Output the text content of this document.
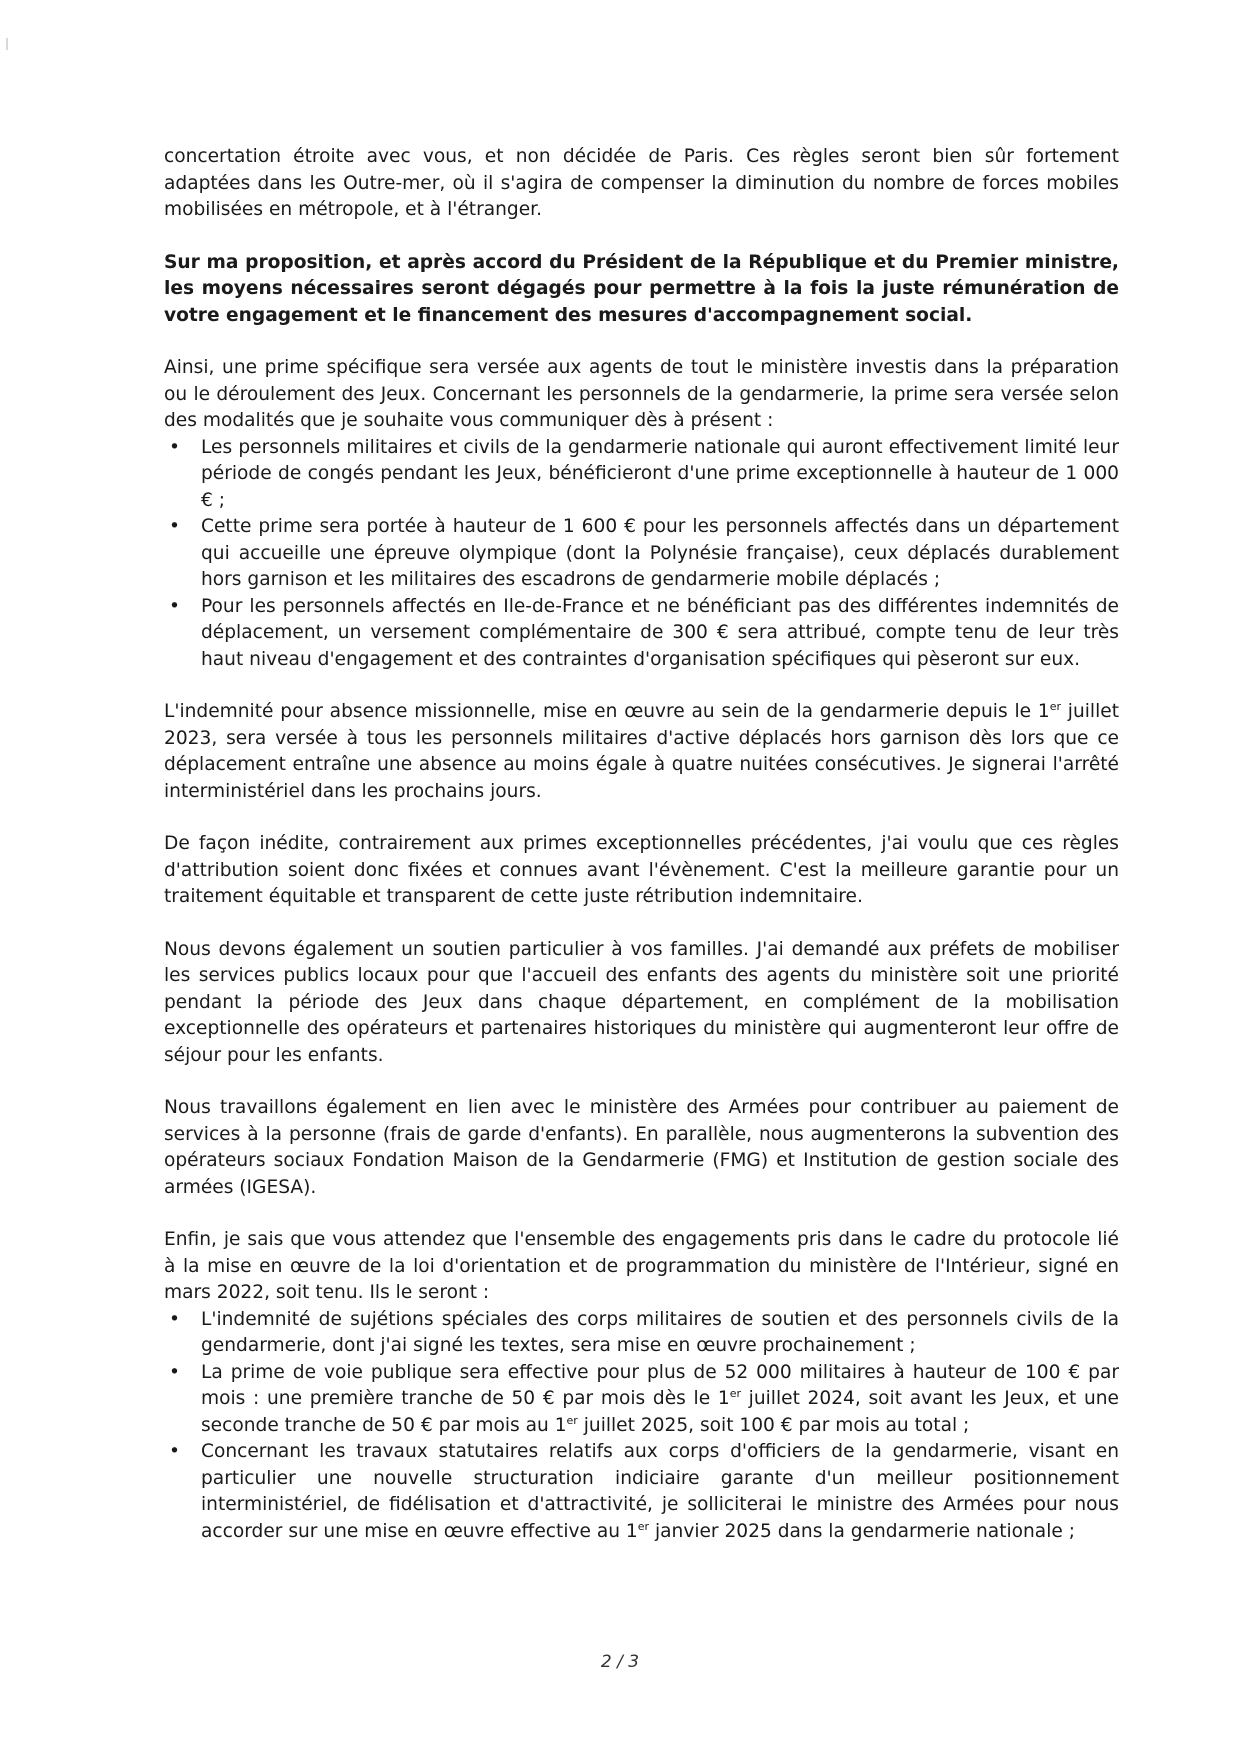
concertation étroite avec vous, et non décidée de Paris. Ces règles seront bien sûr fortement adaptées dans les Outre-mer, où il s'agira de compenser la diminution du nombre de forces mobiles mobilisées en métropole, et à l'étranger.

Sur ma proposition, et après accord du Président de la République et du Premier ministre, les moyens nécessaires seront dégagés pour permettre à la fois la juste rémunération de votre engagement et le financement des mesures d'accompagnement social.

Ainsi, une prime spécifique sera versée aux agents de tout le ministère investis dans la préparation ou le déroulement des Jeux. Concernant les personnels de la gendarmerie, la prime sera versée selon des modalités que je souhaite vous communiquer dès à présent :

• Les personnels militaires et civils de la gendarmerie nationale qui auront effectivement limité leur période de congés pendant les Jeux, bénéficieront d'une prime exceptionnelle à hauteur de 1 000 € ;
• Cette prime sera portée à hauteur de 1 600 € pour les personnels affectés dans un département qui accueille une épreuve olympique (dont la Polynésie française), ceux déplacés durablement hors garnison et les militaires des escadrons de gendarmerie mobile déplacés ;
• Pour les personnels affectés en Ile-de-France et ne bénéficiant pas des différentes indemnités de déplacement, un versement complémentaire de 300 € sera attribué, compte tenu de leur très haut niveau d'engagement et des contraintes d'organisation spécifiques qui pèseront sur eux.

L'indemnité pour absence missionnelle, mise en œuvre au sein de la gendarmerie depuis le 1er juillet 2023, sera versée à tous les personnels militaires d'active déplacés hors garnison dès lors que ce déplacement entraîne une absence au moins égale à quatre nuitées consécutives. Je signerai l'arrêté interministériel dans les prochains jours.

De façon inédite, contrairement aux primes exceptionnelles précédentes, j'ai voulu que ces règles d'attribution soient donc fixées et connues avant l'évènement. C'est la meilleure garantie pour un traitement équitable et transparent de cette juste rétribution indemnitaire.

Nous devons également un soutien particulier à vos familles. J'ai demandé aux préfets de mobiliser les services publics locaux pour que l'accueil des enfants des agents du ministère soit une priorité pendant la période des Jeux dans chaque département, en complément de la mobilisation exceptionnelle des opérateurs et partenaires historiques du ministère qui augmenteront leur offre de séjour pour les enfants.

Nous travaillons également en lien avec le ministère des Armées pour contribuer au paiement de services à la personne (frais de garde d'enfants). En parallèle, nous augmenterons la subvention des opérateurs sociaux Fondation Maison de la Gendarmerie (FMG) et Institution de gestion sociale des armées (IGESA).

Enfin, je sais que vous attendez que l'ensemble des engagements pris dans le cadre du protocole lié à la mise en œuvre de la loi d'orientation et de programmation du ministère de l'Intérieur, signé en mars 2022, soit tenu. Ils le seront :

• L'indemnité de sujétions spéciales des corps militaires de soutien et des personnels civils de la gendarmerie, dont j'ai signé les textes, sera mise en œuvre prochainement ;
• La prime de voie publique sera effective pour plus de 52 000 militaires à hauteur de 100 € par mois : une première tranche de 50 € par mois dès le 1er juillet 2024, soit avant les Jeux, et une seconde tranche de 50 € par mois au 1er juillet 2025, soit 100 € par mois au total ;
• Concernant les travaux statutaires relatifs aux corps d'officiers de la gendarmerie, visant en particulier une nouvelle structuration indiciaire garante d'un meilleur positionnement interministériel, de fidélisation et d'attractivité, je solliciterai le ministre des Armées pour nous accorder sur une mise en œuvre effective au 1er janvier 2025 dans la gendarmerie nationale ;
2 / 3
